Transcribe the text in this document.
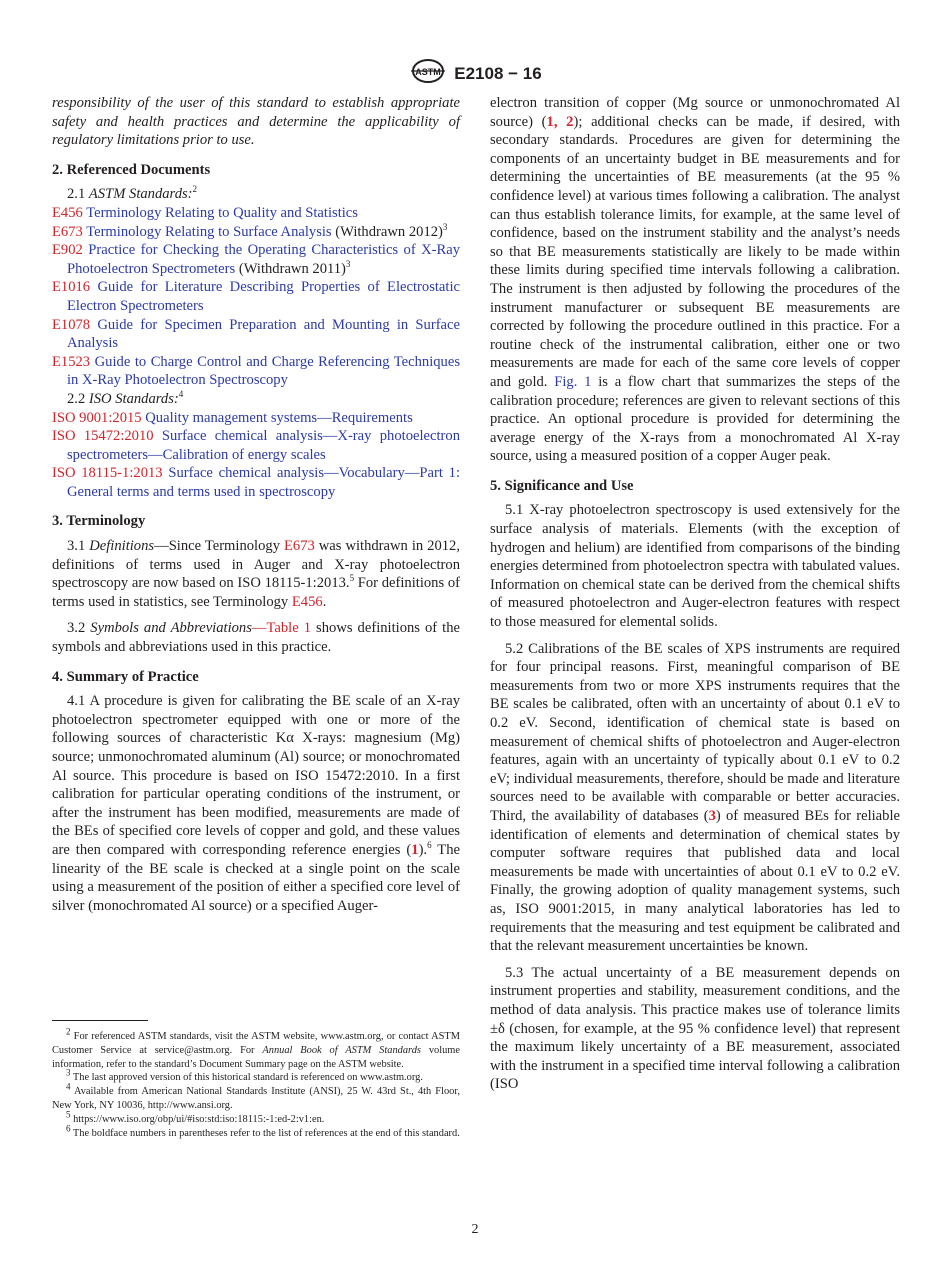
ASTM E2108 − 16

responsibility of the user of this standard to establish appropriate safety and health practices and determine the applicability of regulatory limitations prior to use.

2. Referenced Documents

2.1 ASTM Standards:$^2$

E456 Terminology Relating to Quality and Statistics

E673 Terminology Relating to Surface Analysis (Withdrawn 2012)$^3$

E902 Practice for Checking the Operating Characteristics of X-Ray Photoelectron Spectrometers (Withdrawn 2011)$^3$

E1016 Guide for Literature Describing Properties of Electrostatic Electron Spectrometers

E1078 Guide for Specimen Preparation and Mounting in Surface Analysis

E1523 Guide to Charge Control and Charge Referencing Techniques in X-Ray Photoelectron Spectroscopy

2.2 ISO Standards:$^4$

ISO 9001:2015 Quality management systems—Requirements

ISO 15472:2010 Surface chemical analysis—X-ray photoelectron spectrometers—Calibration of energy scales

ISO 18115-1:2013 Surface chemical analysis—Vocabulary—Part 1: General terms and terms used in spectroscopy

3. Terminology

3.1 Definitions—Since Terminology E673 was withdrawn in 2012, definitions of terms used in Auger and X-ray photoelectron spectroscopy are now based on ISO 18115-1:2013.$^5$ For definitions of terms used in statistics, see Terminology E456.

3.2 Symbols and Abbreviations—Table 1 shows definitions of the symbols and abbreviations used in this practice.

4. Summary of Practice

4.1 A procedure is given for calibrating the BE scale of an X-ray photoelectron spectrometer equipped with one or more of the following sources of characteristic Kα X-rays: magnesium (Mg) source; unmonochromated aluminum (Al) source; or monochromated Al source. This procedure is based on ISO 15472:2010. In a first calibration for particular operating conditions of the instrument, or after the instrument has been modified, measurements are made of the BEs of specified core levels of copper and gold, and these values are then compared with corresponding reference energies (1).$^6$ The linearity of the BE scale is checked at a single point on the scale using a measurement of the position of either a specified core level of silver (monochromated Al source) or a specified Auger-

$^2$ For referenced ASTM standards, visit the ASTM website, www.astm.org, or contact ASTM Customer Service at service@astm.org. For Annual Book of ASTM Standards volume information, refer to the standard’s Document Summary page on the ASTM website.

$^3$ The last approved version of this historical standard is referenced on www.astm.org.

$^4$ Available from American National Standards Institute (ANSI), 25 W. 43rd St., 4th Floor, New York, NY 10036, http://www.ansi.org.

$^5$ https://www.iso.org/obp/ui/#iso:std:iso:18115:-1:ed-2:v1:en.

$^6$ The boldface numbers in parentheses refer to the list of references at the end of this standard.

electron transition of copper (Mg source or unmonochromated Al source) (1, 2); additional checks can be made, if desired, with secondary standards. Procedures are given for determining the components of an uncertainty budget in BE measurements and for determining the uncertainties of BE measurements (at the 95 % confidence level) at various times following a calibration. The analyst can thus establish tolerance limits, for example, at the same level of confidence, based on the instrument stability and the analyst’s needs so that BE measurements statistically are likely to be made within these limits during specified time intervals following a calibration. The instrument is then adjusted by following the procedures of the instrument manufacturer or subsequent BE measurements are corrected by following the procedure outlined in this practice. For a routine check of the instrumental calibration, either one or two measurements are made for each of the same core levels of copper and gold. Fig. 1 is a flow chart that summarizes the steps of the calibration procedure; references are given to relevant sections of this practice. An optional procedure is provided for determining the average energy of the X-rays from a monochromated Al X-ray source, using a measured position of a copper Auger peak.

5. Significance and Use

5.1 X-ray photoelectron spectroscopy is used extensively for the surface analysis of materials. Elements (with the exception of hydrogen and helium) are identified from comparisons of the binding energies determined from photoelectron spectra with tabulated values. Information on chemical state can be derived from the chemical shifts of measured photoelectron and Auger-electron features with respect to those measured for elemental solids.

5.2 Calibrations of the BE scales of XPS instruments are required for four principal reasons. First, meaningful comparison of BE measurements from two or more XPS instruments requires that the BE scales be calibrated, often with an uncertainty of about 0.1 eV to 0.2 eV. Second, identification of chemical state is based on measurement of chemical shifts of photoelectron and Auger-electron features, again with an uncertainty of typically about 0.1 eV to 0.2 eV; individual measurements, therefore, should be made and literature sources need to be available with comparable or better accuracies. Third, the availability of databases (3) of measured BEs for reliable identification of elements and determination of chemical states by computer software requires that published data and local measurements be made with uncertainties of about 0.1 eV to 0.2 eV. Finally, the growing adoption of quality management systems, such as, ISO 9001:2015, in many analytical laboratories has led to requirements that the measuring and test equipment be calibrated and that the relevant measurement uncertainties be known.

5.3 The actual uncertainty of a BE measurement depends on instrument properties and stability, measurement conditions, and the method of data analysis. This practice makes use of tolerance limits ±δ (chosen, for example, at the 95 % confidence level) that represent the maximum likely uncertainty of a BE measurement, associated with the instrument in a specified time interval following a calibration (ISO

2
